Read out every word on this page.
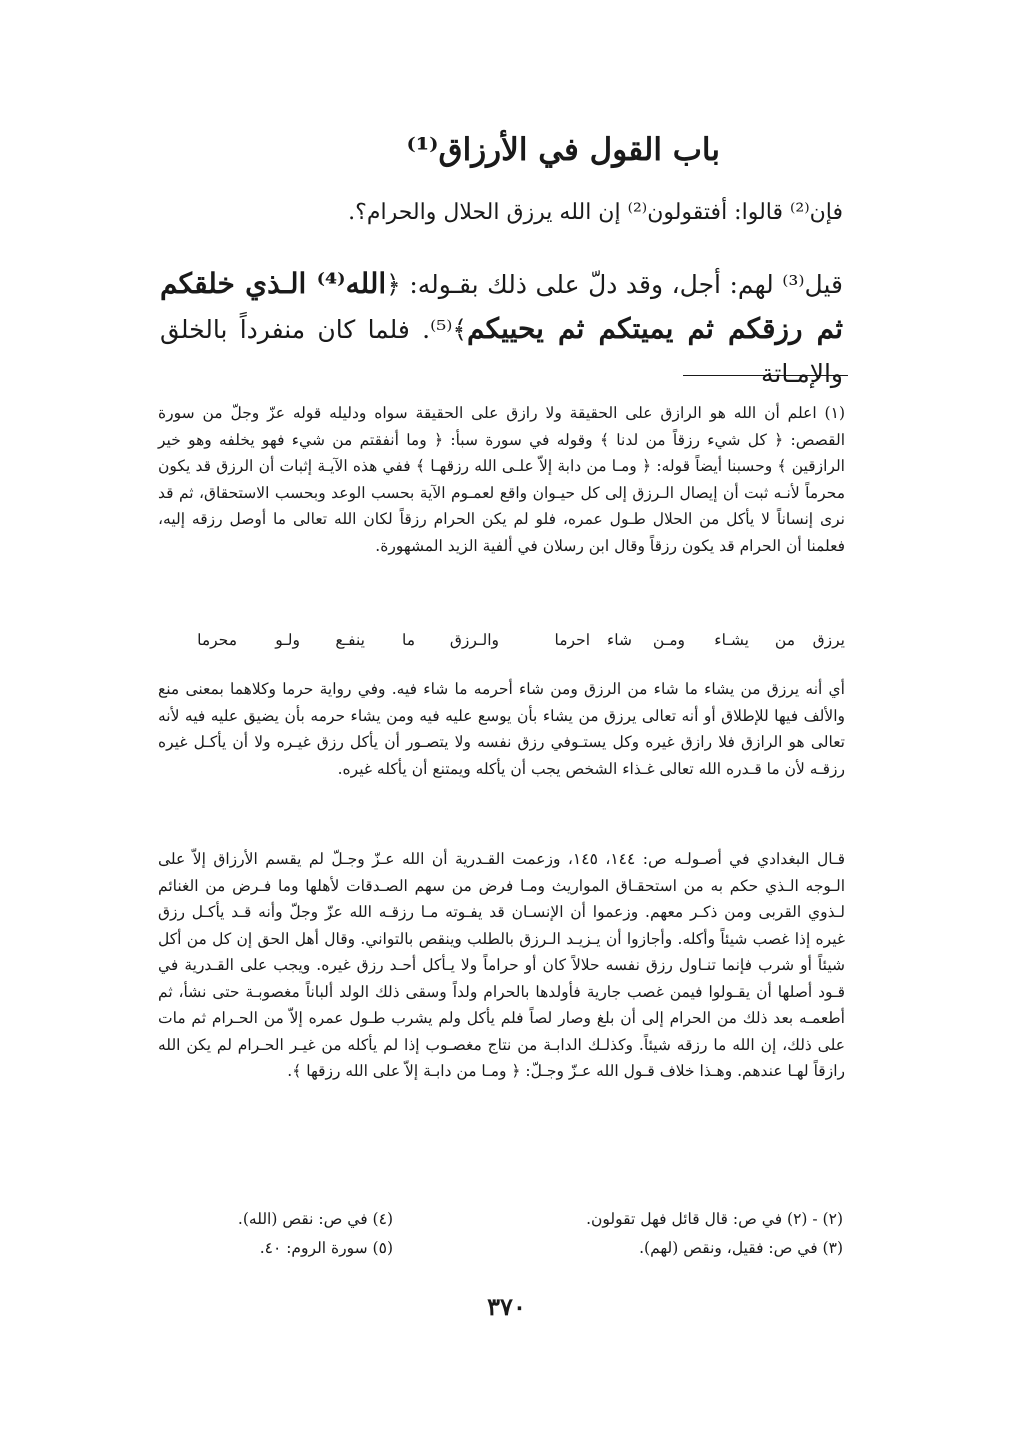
باب القول في الأرزاق⁽¹⁾
فإن⁽²⁾ قالوا: أفتقولون⁽²⁾ إن الله يرزق الحلال والحرام؟.
قيل⁽³⁾ لهم: أجل، وقد دلّ على ذلك بقـوله: ﴿الله⁽⁴⁾ الـذي خلقكم ثم رزقكم ثم يميتكم ثم يحييكم﴾⁽⁵⁾. فلما كان منفرداً بالخلق والإمـاتة
(١) اعلم أن الله هو الرازق على الحقيقة ولا رازق على الحقيقة سواه ودليله قوله عزّ وجلّ من سورة القصص: ﴿ كل شيء رزقاً من لدنا ﴾ وقوله في سورة سبأ: ﴿ وما أنفقتم من شيء فهو يخلفه وهو خير الرازقين ﴾ وحسبنا أيضاً قوله: ﴿ ومـا من دابة إلاّ علـى الله رزقهـا ﴾ ففي هذه الآيـة إثبات أن الرزق قد يكون محرماً لأنـه ثبت أن إيصال الـرزق إلى كل حيـوان واقع لعمـوم الآية بحسب الوعد وبحسب الاستحقاق، ثم قد نرى إنساناً لا يأكل من الحلال طـول عمره، فلو لم يكن الحرام رزقاً لكان الله تعالى ما أوصل رزقه إليه، فعلمنا أن الحرام قد يكون رزقاً وقال ابن رسلان في ألفية الزيد المشهورة.
يرزق
من
يشـاء
ومـن
شاء
احرما
والـرزق
ما
ينفـع
ولـو
محرما
أي أنه يرزق من يشاء ما شاء من الرزق ومن شاء أحرمه ما شاء فيه. وفي رواية حرما وكلاهما بمعنى منع والألف فيها للإطلاق أو أنه تعالى يرزق من يشاء بأن يوسع عليه فيه ومن يشاء حرمه بأن يضيق عليه فيه لأنه تعالى هو الرازق فلا رازق غيره وكل يستـوفي رزق نفسه ولا يتصـور أن يأكل رزق غيـره ولا أن يأكـل غيره رزقـه لأن ما قـدره الله تعالى غـذاء الشخص يجب أن يأكله ويمتنع أن يأكله غيره.
قـال البغدادي في أصـولـه ص: ١٤٤، ١٤٥، وزعمت القـدرية أن الله عـزّ وجـلّ لم يقسم الأرزاق إلاّ على الـوجه الـذي حكم به من استحقـاق المواريث ومـا فرض من سهم الصـدقات لأهلها وما فـرض من الغنائم لـذوي القربى ومن ذكـر معهم. وزعموا أن الإنسـان قد يفـوته مـا رزقـه الله عزّ وجلّ وأنه قـد يأكـل رزق غيره إذا غصب شيئاً وأكله. وأجازوا أن يـزيـد الـرزق بالطلب وينقص بالتواني. وقال أهل الحق إن كل من أكل شيئاً أو شرب فإنما تنـاول رزق نفسه حلالاً كان أو حراماً ولا يـأكل أحـد رزق غيره. ويجب على القـدرية في قـود أصلها أن يقـولوا فيمن غصب جارية فأولدها بالحرام ولداً وسقى ذلك الولد ألباناً مغصوبـة حتى نشأ، ثم أطعمـه بعد ذلك من الحرام إلى أن بلغ وصار لصاً فلم يأكل ولم يشرب طـول عمره إلاّ من الحـرام ثم مات على ذلك، إن الله ما رزقه شيئاً. وكذلـك الدابـة من نتاج مغصـوب إذا لم يأكله من غيـر الحـرام لم يكن الله رازقاً لهـا عندهم. وهـذا خلاف قـول الله عـزّ وجـلّ: ﴿ ومـا من دابـة إلاّ على الله رزقها ﴾.
(٢) - (٢) في ص: قال قائل فهل تقولون.
(٣) في ص: فقيل، ونقص (لهم).
(٤) في ص: نقص (الله).
(٥) سورة الروم: ٤٠.
٣٧٠
